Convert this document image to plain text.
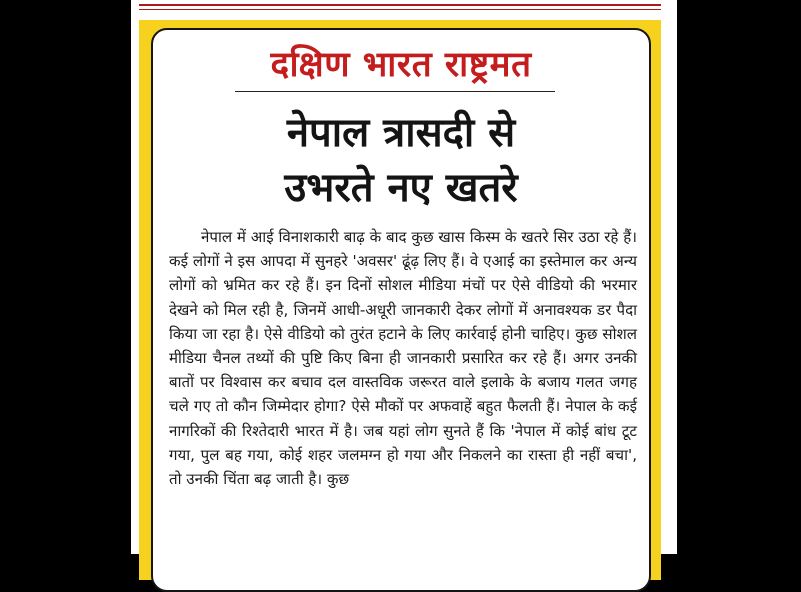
दक्षिण भारत राष्ट्रमत
नेपाल त्रासदी से
उभरते नए खतरे
नेपाल में आई विनाशकारी बाढ़ के बाद कुछ खास किस्म के खतरे सिर उठा रहे हैं। कई लोगों ने इस आपदा में सुनहरे 'अवसर' ढूंढ़ लिए हैं। वे एआई का इस्तेमाल कर अन्य लोगों को भ्रमित कर रहे हैं। इन दिनों सोशल मीडिया मंचों पर ऐसे वीडियो की भरमार देखने को मिल रही है, जिनमें आधी-अधूरी जानकारी देकर लोगों में अनावश्यक डर पैदा किया जा रहा है। ऐसे वीडियो को तुरंत हटाने के लिए कार्रवाई होनी चाहिए। कुछ सोशल मीडिया चैनल तथ्यों की पुष्टि किए बिना ही जानकारी प्रसारित कर रहे हैं। अगर उनकी बातों पर विश्वास कर बचाव दल वास्तविक जरूरत वाले इलाके के बजाय गलत जगह चले गए तो कौन जिम्मेदार होगा? ऐसे मौकों पर अफवाहें बहुत फैलती हैं। नेपाल के कई नागरिकों की रिश्तेदारी भारत में है। जब यहां लोग सुनते हैं कि 'नेपाल में कोई बांध टूट गया, पुल बह गया, कोई शहर जलमग्न हो गया और निकलने का रास्ता ही नहीं बचा', तो उनकी चिंता बढ़ जाती है। कुछ
